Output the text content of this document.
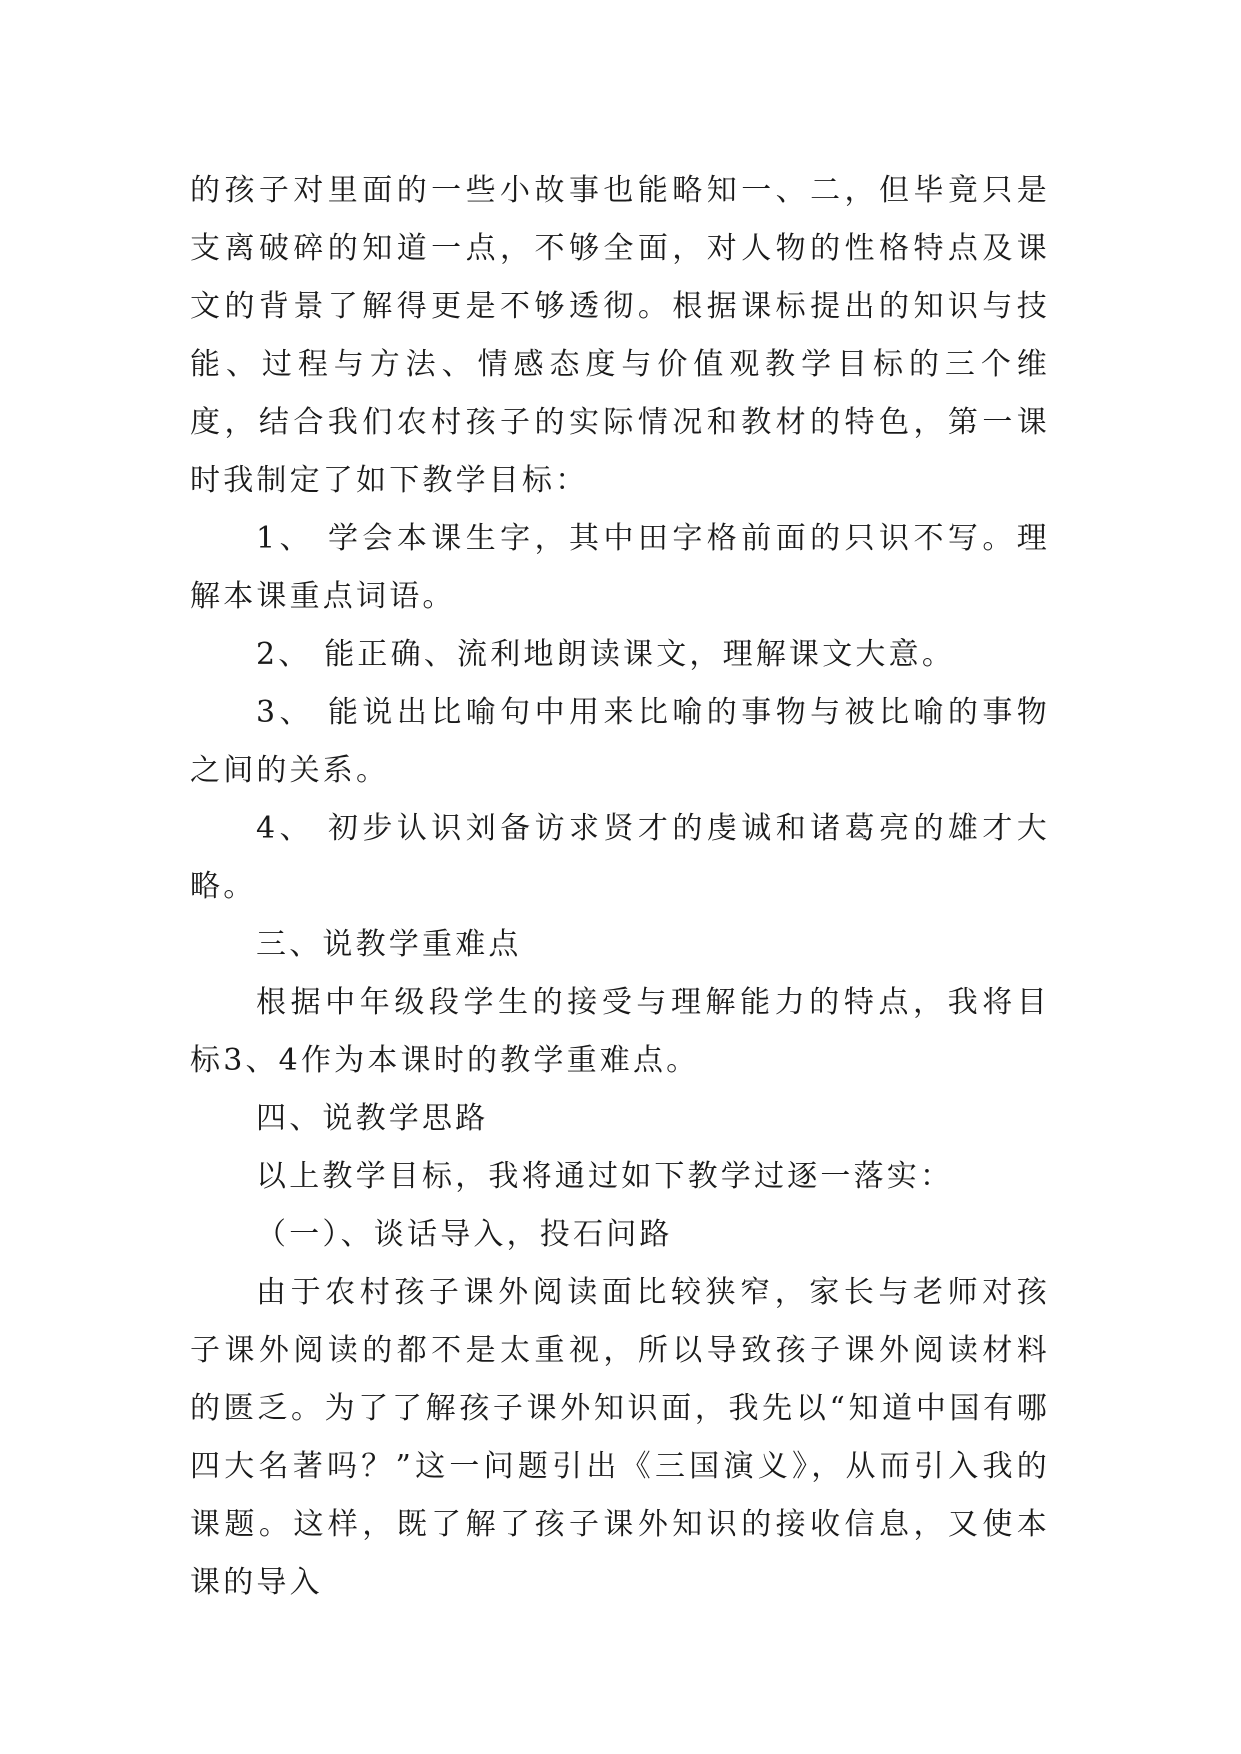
的孩子对里面的一些小故事也能略知一、二，但毕竟只是支离破碎的知道一点，不够全面，对人物的性格特点及课文的背景了解得更是不够透彻。根据课标提出的知识与技能、过程与方法、情感态度与价值观教学目标的三个维度，结合我们农村孩子的实际情况和教材的特色，第一课时我制定了如下教学目标：

1、 学会本课生字，其中田字格前面的只识不写。理解本课重点词语。

2、 能正确、流利地朗读课文，理解课文大意。

3、 能说出比喻句中用来比喻的事物与被比喻的事物之间的关系。

4、 初步认识刘备访求贤才的虔诚和诸葛亮的雄才大略。

三、说教学重难点

根据中年级段学生的接受与理解能力的特点，我将目标3、4作为本课时的教学重难点。

四、说教学思路

以上教学目标，我将通过如下教学过逐一落实：

（一）、谈话导入，投石问路

由于农村孩子课外阅读面比较狭窄，家长与老师对孩子课外阅读的都不是太重视，所以导致孩子课外阅读材料的匮乏。为了了解孩子课外知识面，我先以“知道中国有哪四大名著吗？”这一问题引出《三国演义》，从而引入我的课题。这样，既了解了孩子课外知识的接收信息，又使本课的导入
